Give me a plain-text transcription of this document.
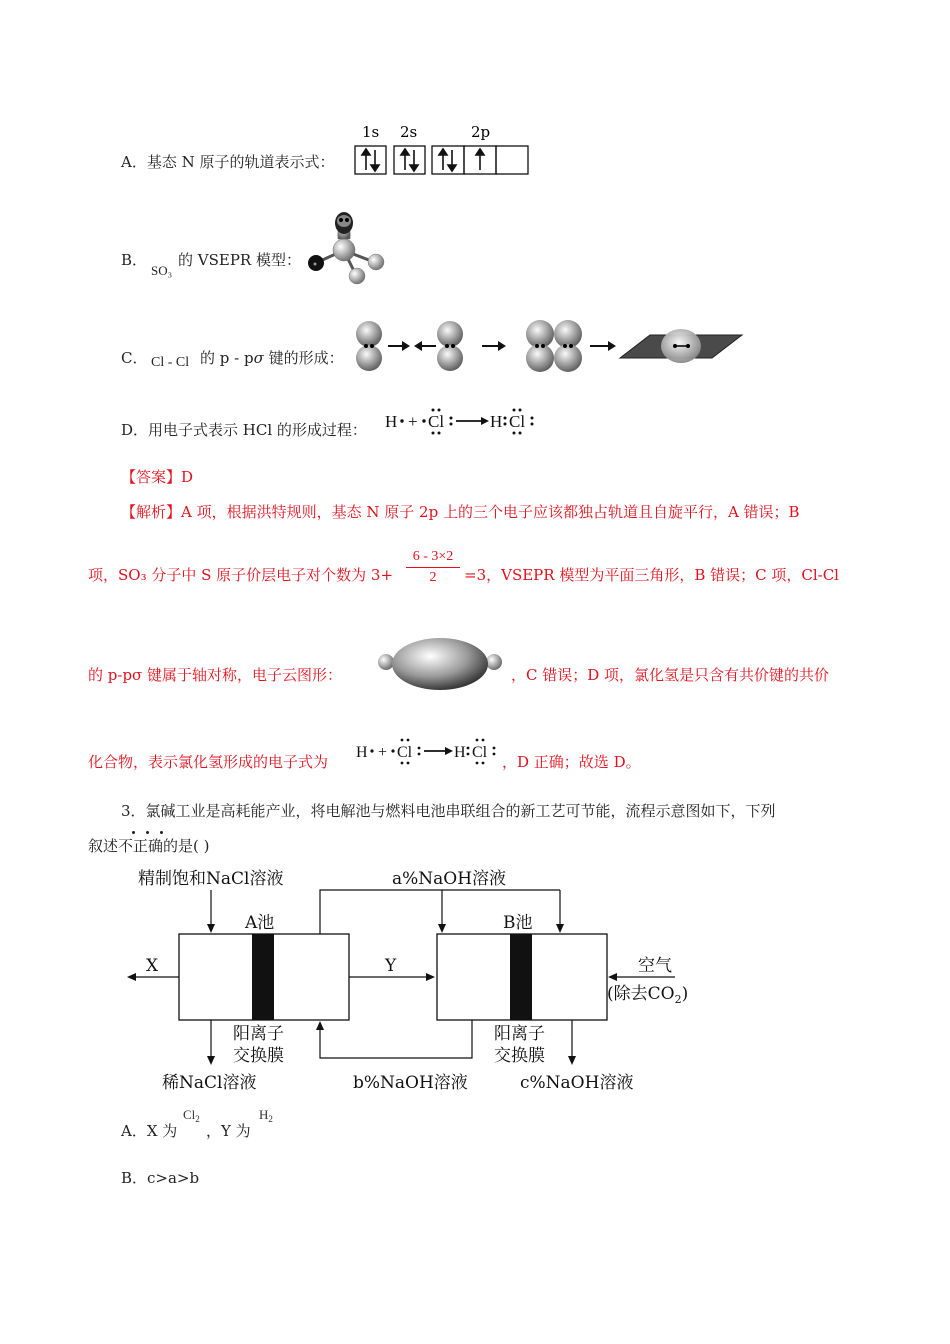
A．基态 N 原子的轨道表示式：
1s 2s	2p
B．
SO₃
的 VSEPR 模型：
C． Cl - Cl 的 p - pσ 键的形成：
D．用电子式表示 HCl 的形成过程： H + Cl	H Cl
【答案】D
【解析】A 项，根据洪特规则，基态 N 原子 2p 上的三个电子应该都独占轨道且自旋平行，A 错误；B
项，SO₃ 分子中 S 原子价层电子对个数为 3+
6 - 3×2
2	=3，VSEPR 模型为平面三角形，B 错误；C 项，Cl-Cl
的 p-pσ 键属于轴对称，电子云图形：	，C 错误；D 项，氯化氢是只含有共价键的共价
化合物，表示氯化氢形成的电子式为
H + Cl	H Cl
，D 正确；故选 D。
3．氯碱工业是高耗能产业，将电解池与燃料电池串联组合的新工艺可节能，流程示意图如下，下列
叙述不正确的是( )
精制饱和NaCl溶液	a%NaOH溶液
A池	B池
X	Y	空气
(除去$CO_2$)
阳离子
交换膜
阳离子
交换膜
稀NaCl溶液	b%NaOH溶液	c%NaOH溶液
A．X 为
$Cl_2$
，Y 为
$H_2$
B．c>a>b
